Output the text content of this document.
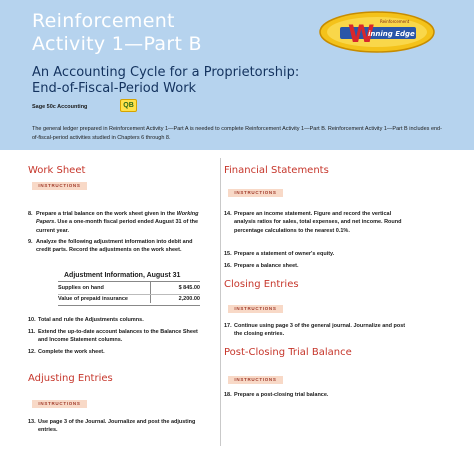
Reinforcement
Activity 1—Part B
An Accounting Cycle for a Proprietorship:
End-of-Fiscal-Period Work
Sage 50c Accounting	QB
The general ledger prepared in Reinforcement Activity 1—Part A is needed to complete Reinforcement Activity 1—Part B. Reinforcement Activity 1—Part B includes end-of-fiscal-period activities studied in Chapters 6 through 8.
W
inning Edge
Reinforcement
Work Sheet
INSTRUCTIONS
8. Prepare a trial balance on the work sheet given in the Working Papers. Use a one-month fiscal period ended August 31 of the current year.
9. Analyze the following adjustment information into debit and credit parts. Record the adjustments on the work sheet.
Adjustment Information, August 31
Supplies on hand	$ 845.00
Value of prepaid insurance	2,200.00
10. Total and rule the Adjustments columns.
11. Extend the up-to-date account balances to the Balance Sheet and Income Statement columns.
12. Complete the work sheet.
Adjusting Entries
INSTRUCTIONS
13. Use page 3 of the Journal. Journalize and post the adjusting entries.
Financial Statements
INSTRUCTIONS
14. Prepare an income statement. Figure and record the vertical analysis ratios for sales, total expenses, and net income. Round percentage calculations to the nearest 0.1%.
15. Prepare a statement of owner's equity.
16. Prepare a balance sheet.
Closing Entries
INSTRUCTIONS
17. Continue using page 3 of the general journal. Journalize and post the closing entries.
Post-Closing Trial Balance
INSTRUCTIONS
18. Prepare a post-closing trial balance.
